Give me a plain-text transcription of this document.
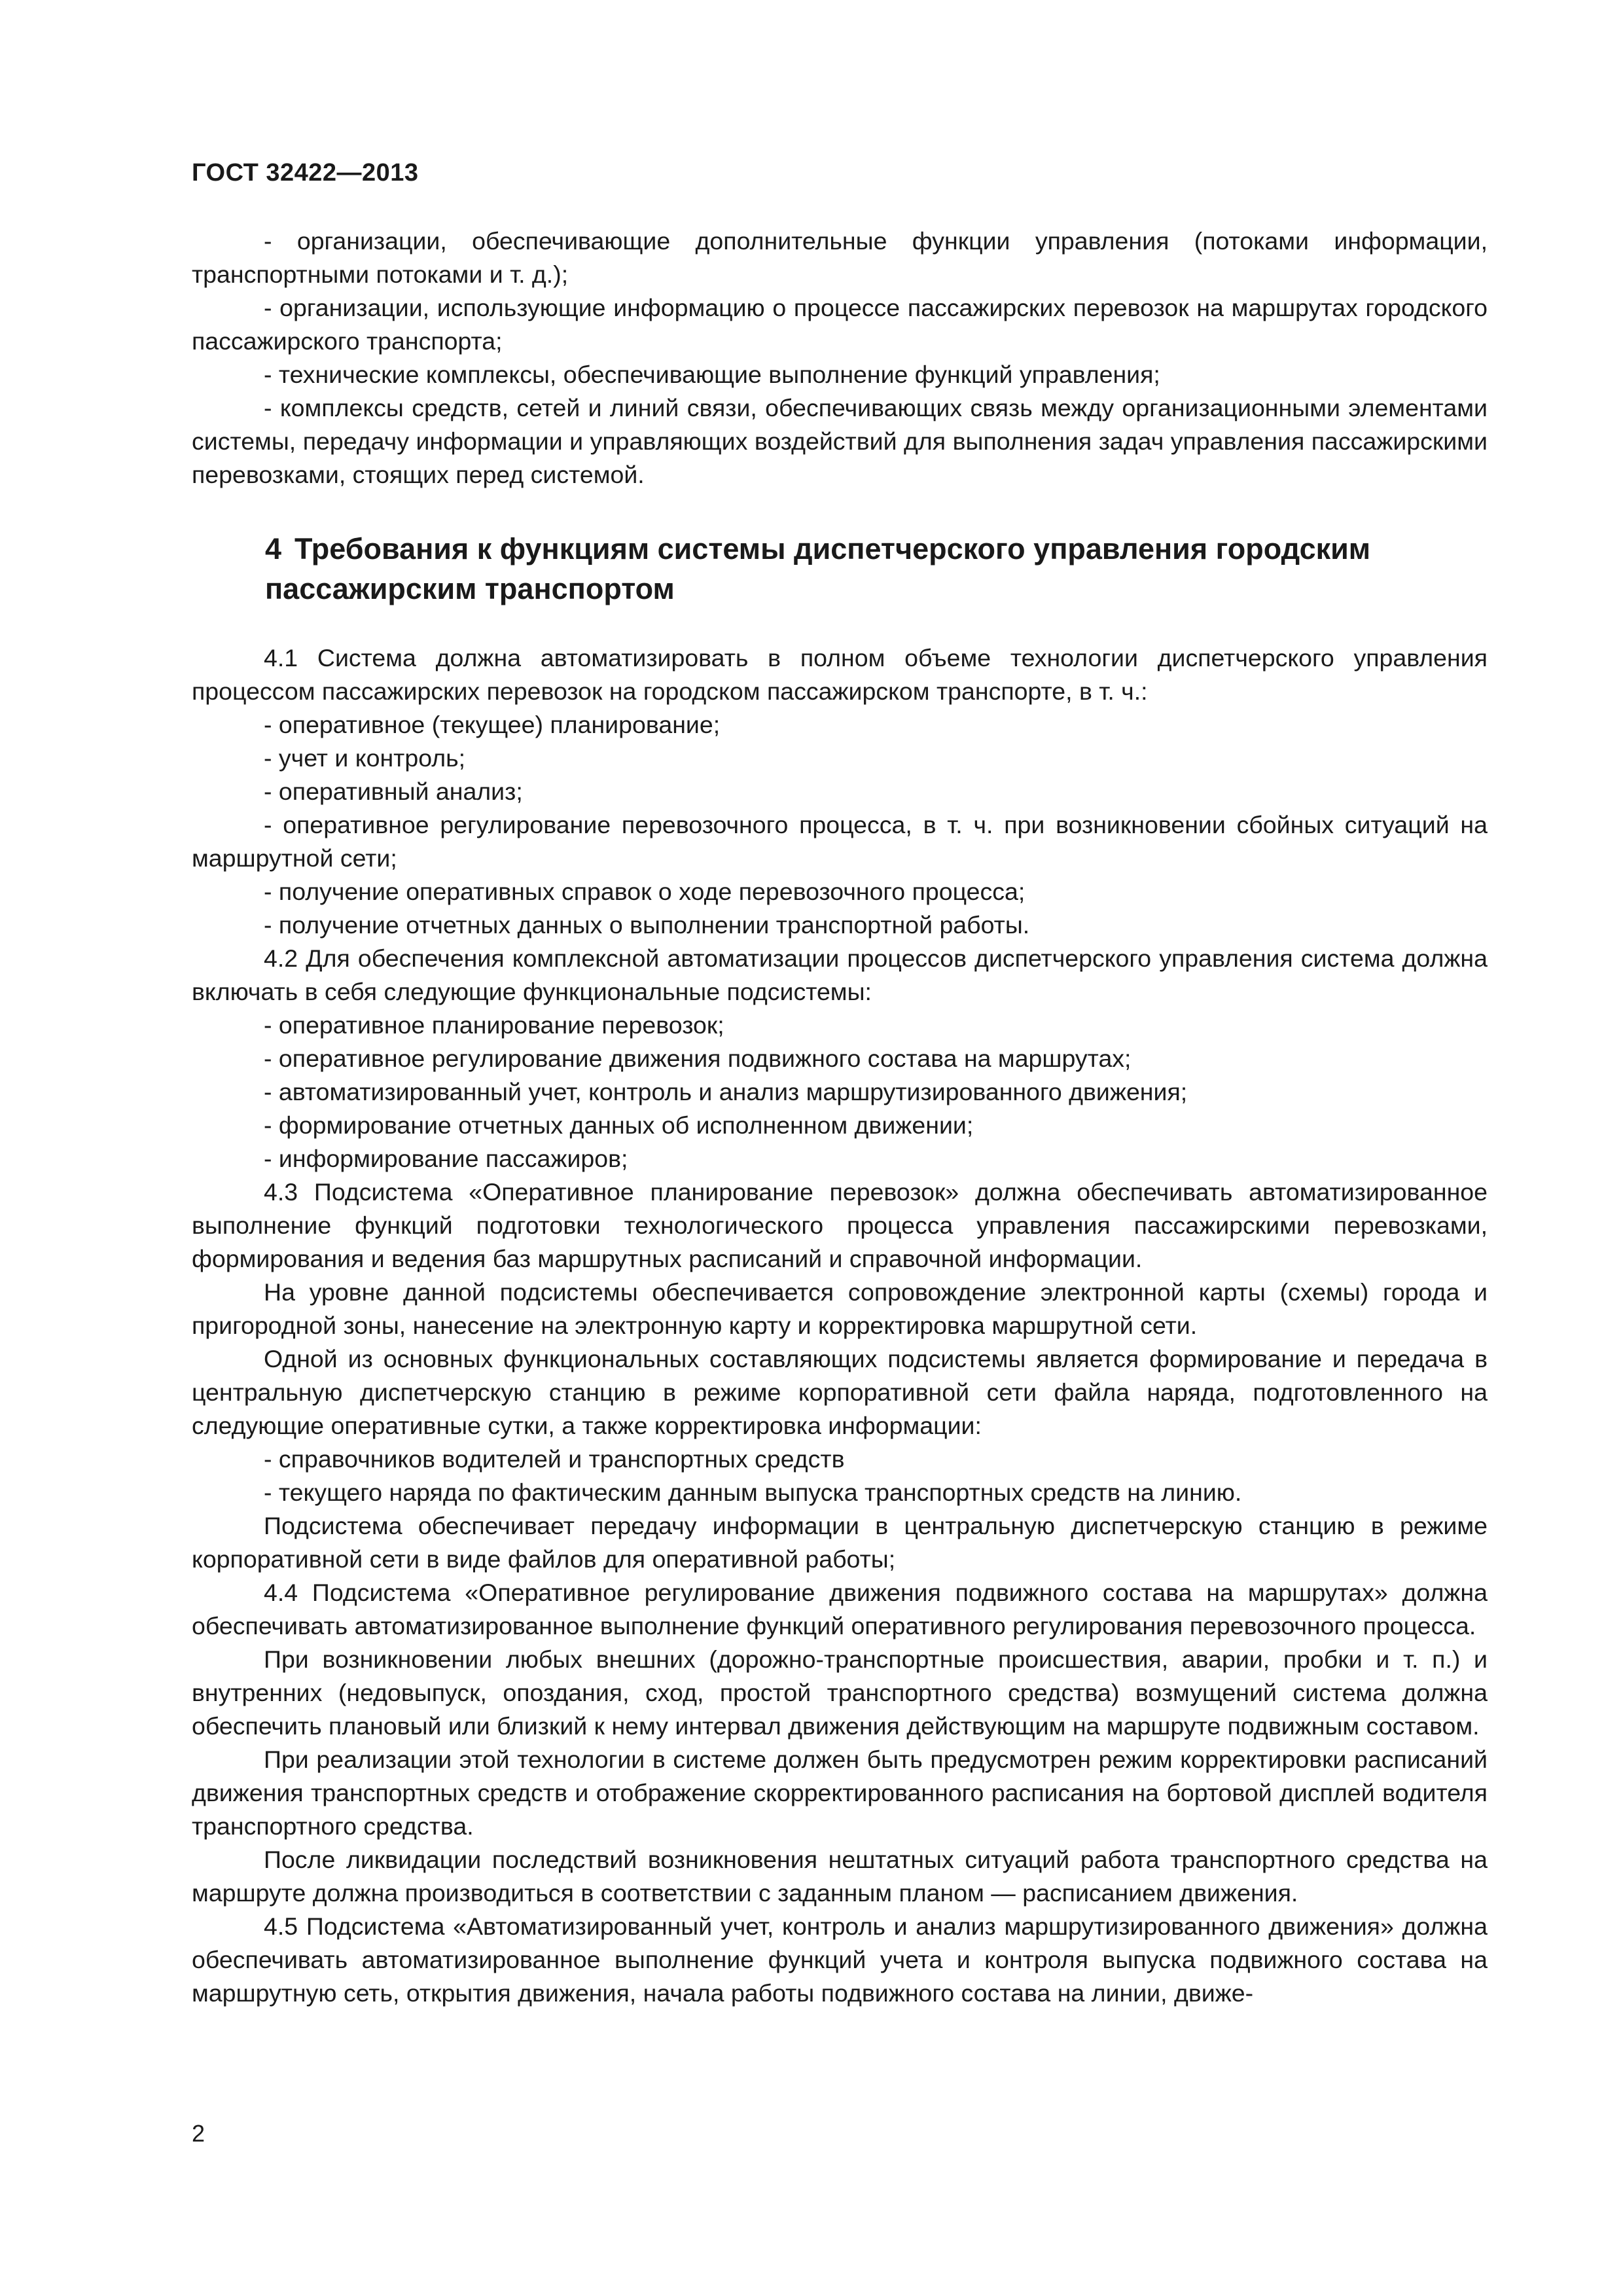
ГОСТ 32422—2013

- организации, обеспечивающие дополнительные функции управления (потоками информации, транспортными потоками и т. д.);

- организации, использующие информацию о процессе пассажирских перевозок на маршрутах городского пассажирского транспорта;

- технические комплексы, обеспечивающие выполнение функций управления;

- комплексы средств, сетей и линий связи, обеспечивающих связь между организационными элементами системы, передачу информации и управляющих воздействий для выполнения задач управления пассажирскими перевозками, стоящих перед системой.

4 Требования к функциям системы диспетчерского управления городским пассажирским транспортом

4.1 Система должна автоматизировать в полном объеме технологии диспетчерского управления процессом пассажирских перевозок на городском пассажирском транспорте, в т. ч.:

- оперативное (текущее) планирование;

- учет и контроль;

- оперативный анализ;

- оперативное регулирование перевозочного процесса, в т. ч. при возникновении сбойных ситуаций на маршрутной сети;

- получение оперативных справок о ходе перевозочного процесса;

- получение отчетных данных о выполнении транспортной работы.

4.2 Для обеспечения комплексной автоматизации процессов диспетчерского управления система должна включать в себя следующие функциональные подсистемы:

- оперативное планирование перевозок;

- оперативное регулирование движения подвижного состава на маршрутах;

- автоматизированный учет, контроль и анализ маршрутизированного движения;

- формирование отчетных данных об исполненном движении;

- информирование пассажиров;

4.3 Подсистема «Оперативное планирование перевозок» должна обеспечивать автоматизированное выполнение функций подготовки технологического процесса управления пассажирскими перевозками, формирования и ведения баз маршрутных расписаний и справочной информации.

На уровне данной подсистемы обеспечивается сопровождение электронной карты (схемы) города и пригородной зоны, нанесение на электронную карту и корректировка маршрутной сети.

Одной из основных функциональных составляющих подсистемы является формирование и передача в центральную диспетчерскую станцию в режиме корпоративной сети файла наряда, подготовленного на следующие оперативные сутки, а также корректировка информации:

- справочников водителей и транспортных средств

- текущего наряда по фактическим данным выпуска транспортных средств на линию.

Подсистема обеспечивает передачу информации в центральную диспетчерскую станцию в режиме корпоративной сети в виде файлов для оперативной работы;

4.4 Подсистема «Оперативное регулирование движения подвижного состава на маршрутах» должна обеспечивать автоматизированное выполнение функций оперативного регулирования перевозочного процесса.

При возникновении любых внешних (дорожно-транспортные происшествия, аварии, пробки и т. п.) и внутренних (недовыпуск, опоздания, сход, простой транспортного средства) возмущений система должна обеспечить плановый или близкий к нему интервал движения действующим на маршруте подвижным составом.

При реализации этой технологии в системе должен быть предусмотрен режим корректировки расписаний движения транспортных средств и отображение скорректированного расписания на бортовой дисплей водителя транспортного средства.

После ликвидации последствий возникновения нештатных ситуаций работа транспортного средства на маршруте должна производиться в соответствии с заданным планом — расписанием движения.

4.5 Подсистема «Автоматизированный учет, контроль и анализ маршрутизированного движения» должна обеспечивать автоматизированное выполнение функций учета и контроля выпуска подвижного состава на маршрутную сеть, открытия движения, начала работы подвижного состава на линии, движе-

2
